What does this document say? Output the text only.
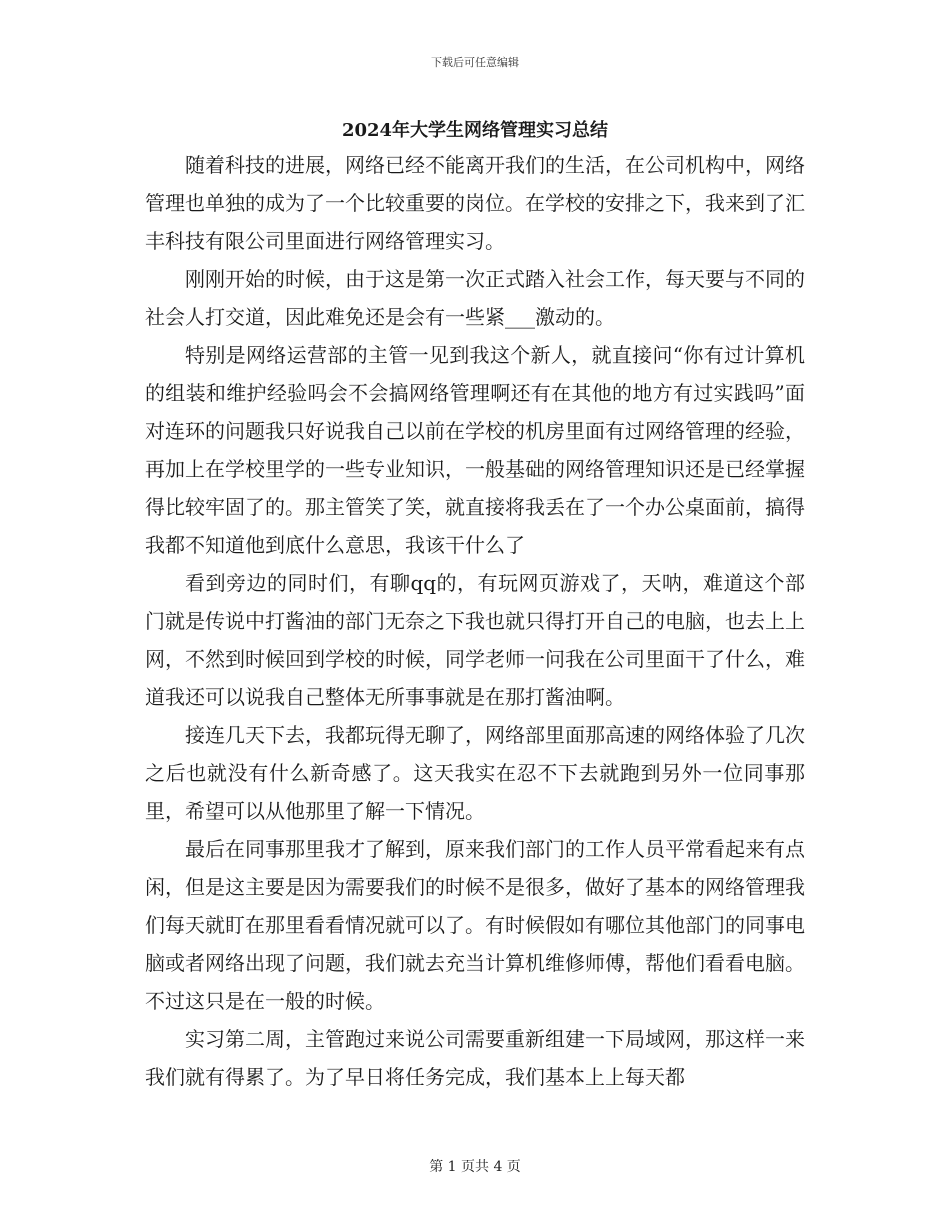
下载后可任意编辑
2024年大学生网络管理实习总结

随着科技的进展，网络已经不能离开我们的生活，在公司机构中，网络管理也单独的成为了一个比较重要的岗位。在学校的安排之下，我来到了汇丰科技有限公司里面进行网络管理实习。

刚刚开始的时候，由于这是第一次正式踏入社会工作，每天要与不同的社会人打交道，因此难免还是会有一些紧___激动的。

特别是网络运营部的主管一见到我这个新人，就直接问“你有过计算机的组装和维护经验吗会不会搞网络管理啊还有在其他的地方有过实践吗”面对连环的问题我只好说我自己以前在学校的机房里面有过网络管理的经验，再加上在学校里学的一些专业知识，一般基础的网络管理知识还是已经掌握得比较牢固了的。那主管笑了笑，就直接将我丢在了一个办公桌面前，搞得我都不知道他到底什么意思，我该干什么了

看到旁边的同时们，有聊qq的，有玩网页游戏了，天呐，难道这个部门就是传说中打酱油的部门无奈之下我也就只得打开自己的电脑，也去上上网，不然到时候回到学校的时候，同学老师一问我在公司里面干了什么，难道我还可以说我自己整体无所事事就是在那打酱油啊。

接连几天下去，我都玩得无聊了，网络部里面那高速的网络体验了几次之后也就没有什么新奇感了。这天我实在忍不下去就跑到另外一位同事那里，希望可以从他那里了解一下情况。

最后在同事那里我才了解到，原来我们部门的工作人员平常看起来有点闲，但是这主要是因为需要我们的时候不是很多，做好了基本的网络管理我们每天就盯在那里看看情况就可以了。有时候假如有哪位其他部门的同事电脑或者网络出现了问题，我们就去充当计算机维修师傅，帮他们看看电脑。不过这只是在一般的时候。

实习第二周，主管跑过来说公司需要重新组建一下局域网，那这样一来我们就有得累了。为了早日将任务完成，我们基本上上每天都

第 1 页共 4 页
